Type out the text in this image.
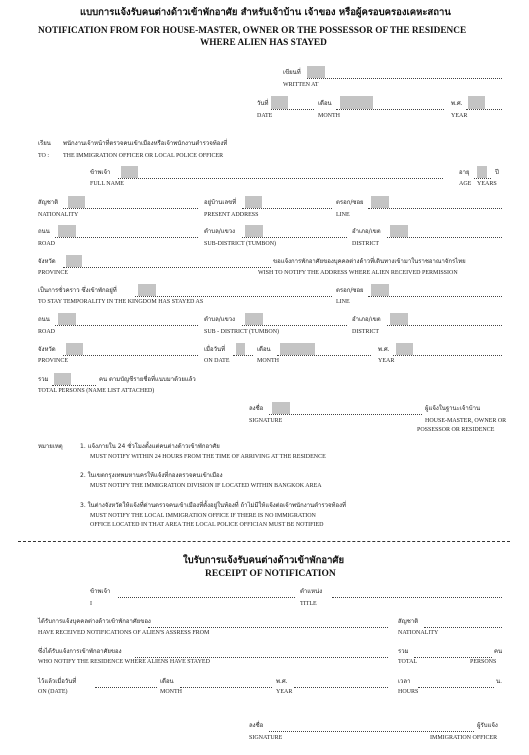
แบบการแจ้งรับคนต่างด้าวเข้าพักอาศัย สำหรับเจ้าบ้าน เจ้าของ หรือผู้ครอบครองเคหะสถาน
NOTIFICATION FROM FOR HOUSE-MASTER, OWNER OR THE POSSESSOR OF THE RESIDENCE
WHERE ALIEN HAS STAYED
เขียนที่
WRITTEN AT
วันที่
DATE
เดือน
MONTH
พ.ศ.
YEAR
เรียน พนักงานเจ้าหน้าที่ตรวจคนเข้าเมืองหรือเจ้าพนักงานตำรวจท้องที่
TO : THE IMMIGRATION OFFICER OR LOCAL POLICE OFFICER
ข้าพเจ้า
FULL NAME
อายุ
AGE
ปี
YEARS
สัญชาติ
NATIONALITY
อยู่บ้านเลขที่
PRESENT ADDRESS
ตรอก/ซอย
LINE
ถนน
ROAD
ตำบล/แขวง
SUB-DISTRICT (TUMBON)
อำเภอ/เขต
DISTRICT
จังหวัด
PROVINCE
ขอแจ้งการพักอาศัยของบุคคลต่างด้าวที่เดินทางเข้ามาในราชอาณาจักรไทย
WISH TO NOTIFY THE ADDRESS WHERE ALIEN RECEIVED PERMISSION
เป็นการชั่วคราว ซึ่งเข้าพักอยู่ที่
TO STAY TEMPORALITY IN THE KINGDOM HAS STAYED AS
ตรอก/ซอย
LINE
ถนน
ROAD
ตำบล/แขวง
SUB - DISTRICT (TUMBON)
อำเภอ/เขต
DISTRICT
จังหวัด
PROVINCE
เมื่อวันที่
ON DATE
เดือน
MONTH
พ.ศ.
YEAR
รวม	คน ตามบัญชีรายชื่อที่แนบมาด้วยแล้ว
TOTAL PERSONS (NAME LIST ATTACHED)
ลงชื่อ
SIGNATURE
ผู้แจ้งในฐานะเจ้าบ้าน
HOUSE-MASTER, OWNER OR
POSSESSOR OR RESIDENCE
หมายเหตุ	1. แจ้งภายใน 24 ชั่วโมงตั้งแต่คนต่างด้าวเข้าพักอาศัย
MUST NOTIFY WITHIN 24 HOURS FROM THE TIME OF ARRIVING AT THE RESIDENCE
2. ในเขตกรุงเทพมหานครให้แจ้งที่กองตรวจคนเข้าเมือง
MUST NOTIFY THE IMMIGRATION DIVISION IF LOCATED WITHIN BANGKOK AREA
3. ในต่างจังหวัดให้แจ้งที่ด่านตรวจคนเข้าเมืองที่ตั้งอยู่ในท้องที่ ถ้าไม่มีให้แจ้งต่อเจ้าพนักงานตำรวจท้องที่
MUST NOTIFY THE LOCAL IMMIGRATION OFFICE IF THERE IS NO IMMIGRATION
OFFICE LOCATED IN THAT AREA THE LOCAL POLICE OFFICIAN MUST BE NOTIFIED
ใบรับการแจ้งรับคนต่างด้าวเข้าพักอาศัย
RECEIPT OF NOTIFICATION
ข้าพเจ้า
I
ตำแหน่ง
TITLE
ได้รับการแจ้งบุคคลต่างด้าวเข้าพักอาศัยของ
HAVE RECEIVED NOTIFICATIONS OF ALIEN'S ASSRESS FROM
สัญชาติ
NATIONALITY
ซึ่งได้รับแจ้งการเข้าพักอาศัยของ
WHO NOTIFY THE RESIDENCE WHERE ALIENS HAVE STAYED
รวม	คน
TOTAL	PERSONS
ไว้แล้วเมื่อวันที่
ON (DATE)
เดือน
MONTH
พ.ศ.
YEAR
เวลา	น.
HOURS
ลงชื่อ
SIGNATURE
ผู้รับแจ้ง
IMMIGRATION OFFICER
